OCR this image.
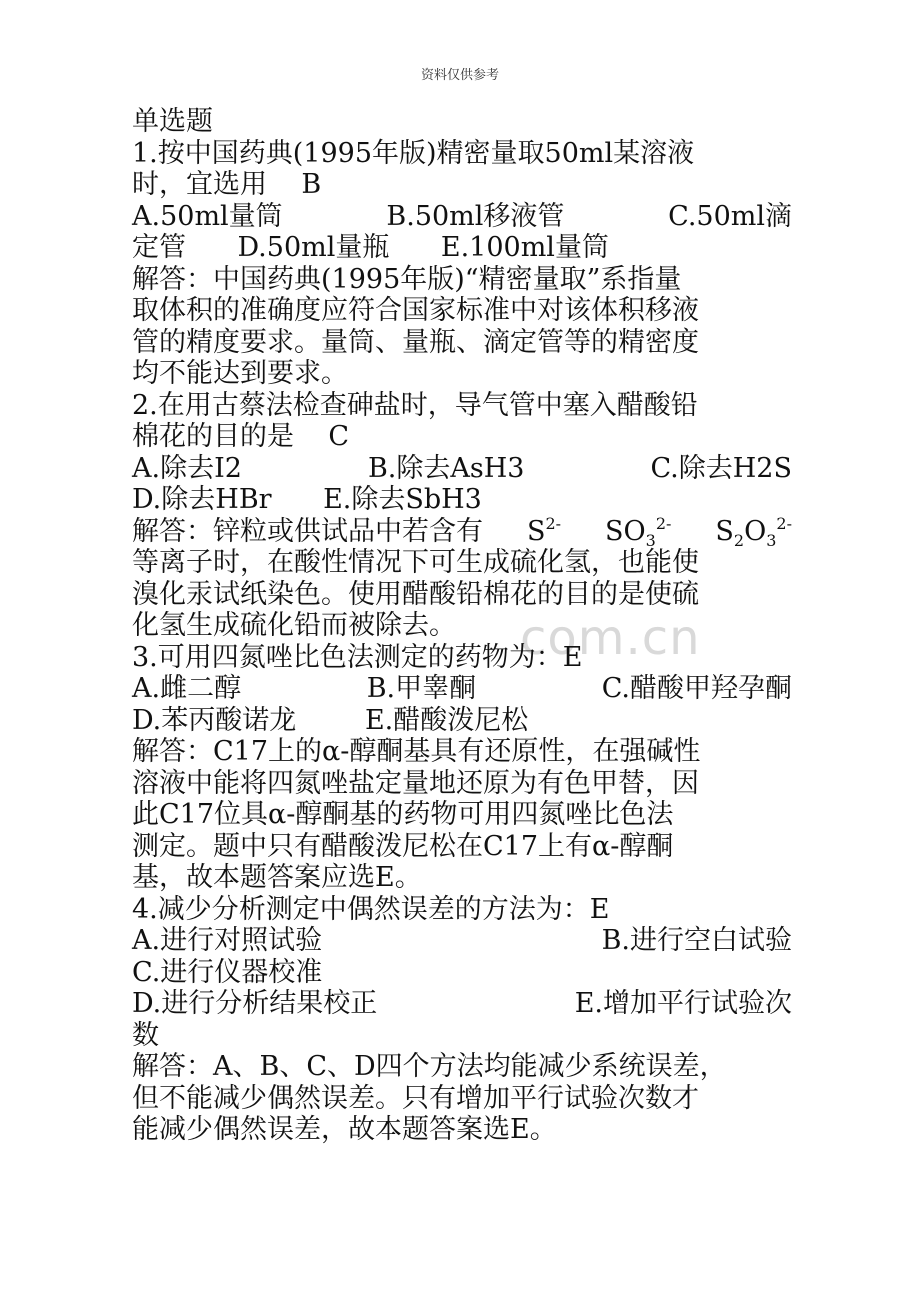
资料仅供参考
com.cn
单选题
1.按中国药典(1995年版)精密量取50ml某溶液
时，宜选用    B
A.50ml量筒	B.50ml移液管	C.50ml滴
定管 D.50ml量瓶 E.100ml量筒
解答：中国药典(1995年版)“精密量取”系指量
取体积的准确度应符合国家标准中对该体积移液
管的精度要求。量筒、量瓶、滴定管等的精密度
均不能达到要求。
2.在用古蔡法检查砷盐时，导气管中塞入醋酸铅
棉花的目的是    C
A.除去I2	B.除去AsH3	C.除去H2S
D.除去HBr E.除去SbH3
解答：锌粒或供试品中若含有 $S^{2-}$ $SO_3^{2-}$ $S_2O_3^{2-}$
等离子时，在酸性情况下可生成硫化氢，也能使
溴化汞试纸染色。使用醋酸铅棉花的目的是使硫
化氢生成硫化铅而被除去。
3.可用四氮唑比色法测定的药物为：E
A.雌二醇	B.甲睾酮	C.醋酸甲羟孕酮
D.苯丙酸诺龙	E.醋酸泼尼松
解答：C17上的α-醇酮基具有还原性，在强碱性
溶液中能将四氮唑盐定量地还原为有色甲替，因
此C17位具α-醇酮基的药物可用四氮唑比色法
测定。题中只有醋酸泼尼松在C17上有α-醇酮
基，故本题答案应选E。
4.减少分析测定中偶然误差的方法为：E
A.进行对照试验	B.进行空白试验
C.进行仪器校准
D.进行分析结果校正	E.增加平行试验次
数
解答：A、B、C、D四个方法均能减少系统误差，
但不能减少偶然误差。只有增加平行试验次数才
能减少偶然误差，故本题答案选E。
